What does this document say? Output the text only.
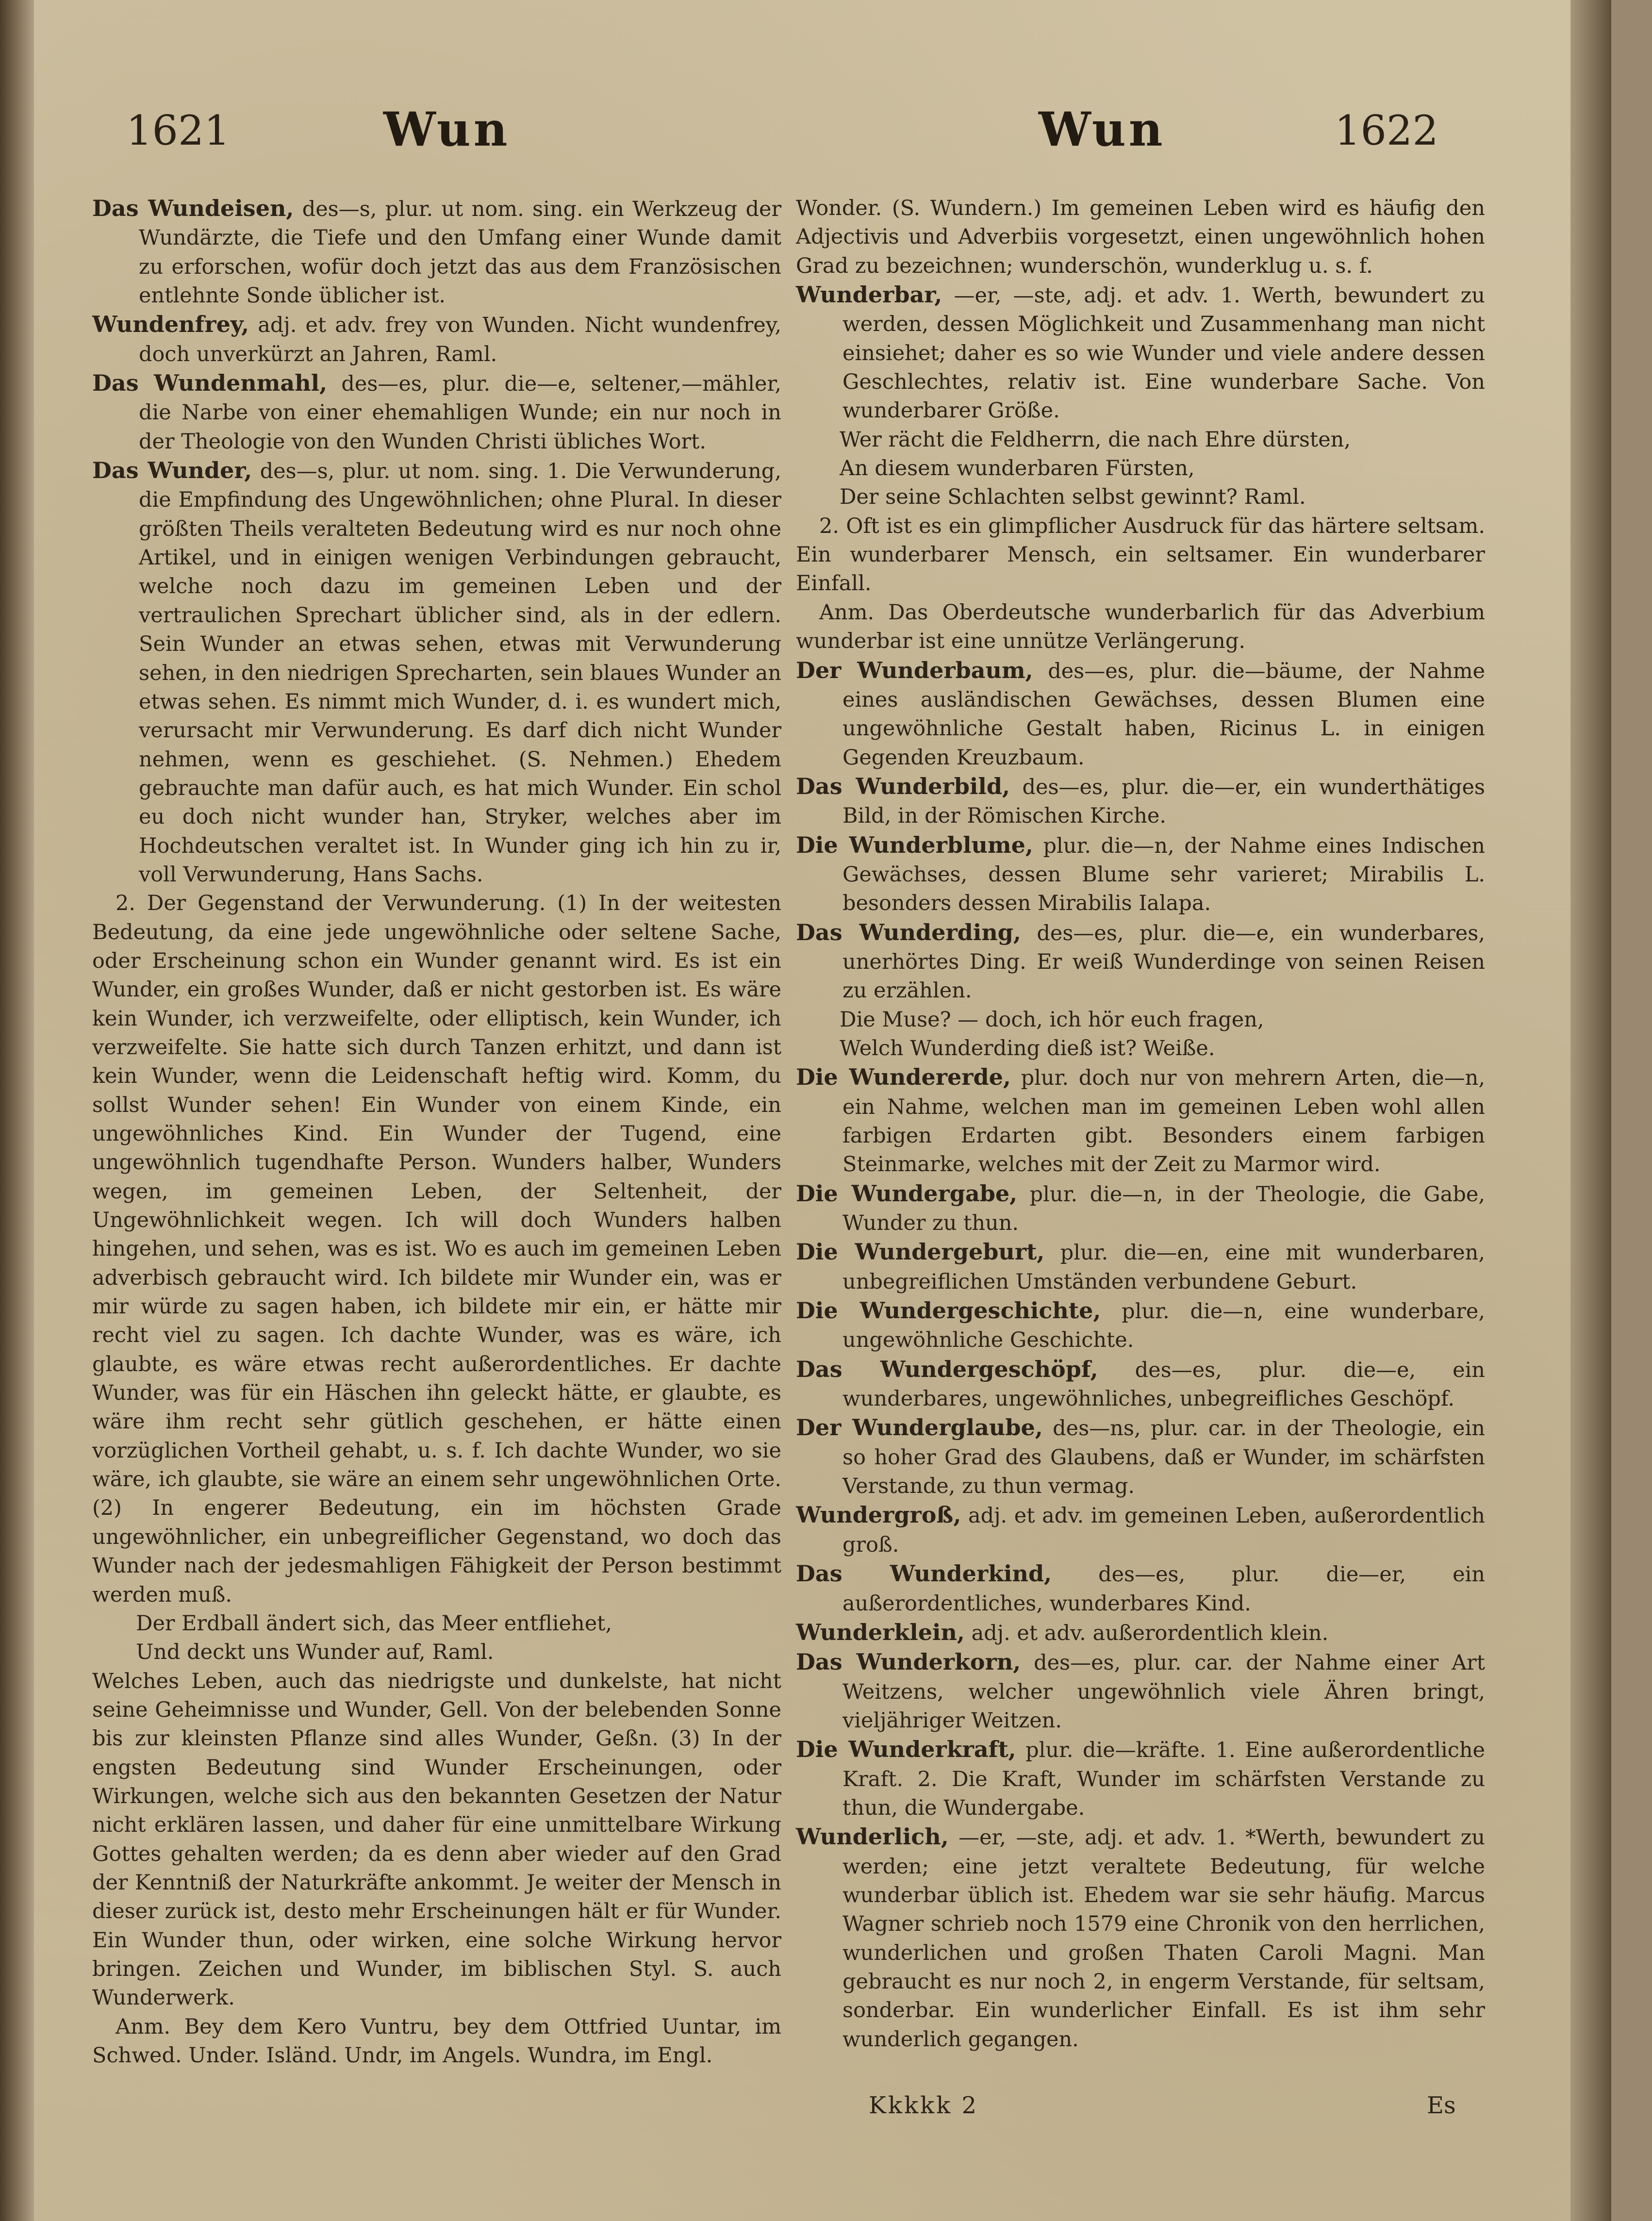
1621	Wun	Wun	1622

Das Wundeisen, des—s, plur. ut nom. sing. ein Werkzeug der Wundärzte, die Tiefe und den Umfang einer Wunde damit zu erforschen, wofür doch jetzt das aus dem Französischen entlehnte Sonde üblicher ist.

Wundenfrey, adj. et adv. frey von Wunden. Nicht wundenfrey, doch unverkürzt an Jahren, Raml.

Das Wundenmahl, des—es, plur. die—e, seltener,—mähler, die Narbe von einer ehemahligen Wunde; ein nur noch in der Theologie von den Wunden Christi übliches Wort.

Das Wunder, des—s, plur. ut nom. sing. 1. Die Verwunderung, die Empfindung des Ungewöhnlichen; ohne Plural. In dieser größten Theils veralteten Bedeutung wird es nur noch ohne Artikel, und in einigen wenigen Verbindungen gebraucht, welche noch dazu im gemeinen Leben und der vertraulichen Sprechart üblicher sind, als in der edlern. Sein Wunder an etwas sehen, etwas mit Verwunderung sehen, in den niedrigen Sprecharten, sein blaues Wunder an etwas sehen. Es nimmt mich Wunder, d. i. es wundert mich, verursacht mir Verwunderung. Es darf dich nicht Wunder nehmen, wenn es geschiehet. (S. Nehmen.) Ehedem gebrauchte man dafür auch, es hat mich Wunder. Ein schol eu doch nicht wunder han, Stryker, welches aber im Hochdeutschen veraltet ist. In Wunder ging ich hin zu ir, voll Verwunderung, Hans Sachs.

2. Der Gegenstand der Verwunderung. (1) In der weitesten Bedeutung, da eine jede ungewöhnliche oder seltene Sache, oder Erscheinung schon ein Wunder genannt wird. Es ist ein Wunder, ein großes Wunder, daß er nicht gestorben ist. Es wäre kein Wunder, ich verzweifelte, oder elliptisch, kein Wunder, ich verzweifelte. Sie hatte sich durch Tanzen erhitzt, und dann ist kein Wunder, wenn die Leidenschaft heftig wird. Komm, du sollst Wunder sehen! Ein Wunder von einem Kinde, ein ungewöhnliches Kind. Ein Wunder der Tugend, eine ungewöhnlich tugendhafte Person. Wunders halber, Wunders wegen, im gemeinen Leben, der Seltenheit, der Ungewöhnlichkeit wegen. Ich will doch Wunders halben hingehen, und sehen, was es ist. Wo es auch im gemeinen Leben adverbisch gebraucht wird. Ich bildete mir Wunder ein, was er mir würde zu sagen haben, ich bildete mir ein, er hätte mir recht viel zu sagen. Ich dachte Wunder, was es wäre, ich glaubte, es wäre etwas recht außerordentliches. Er dachte Wunder, was für ein Häschen ihn geleckt hätte, er glaubte, es wäre ihm recht sehr gütlich geschehen, er hätte einen vorzüglichen Vortheil gehabt, u. s. f. Ich dachte Wunder, wo sie wäre, ich glaubte, sie wäre an einem sehr ungewöhnlichen Orte. (2) In engerer Bedeutung, ein im höchsten Grade ungewöhnlicher, ein unbegreiflicher Gegenstand, wo doch das Wunder nach der jedesmahligen Fähigkeit der Person bestimmt werden muß.

Der Erdball ändert sich, das Meer entfliehet,
Und deckt uns Wunder auf, Raml.

Welches Leben, auch das niedrigste und dunkelste, hat nicht seine Geheimnisse und Wunder, Gell. Von der belebenden Sonne bis zur kleinsten Pflanze sind alles Wunder, Geßn. (3) In der engsten Bedeutung sind Wunder Erscheinungen, oder Wirkungen, welche sich aus den bekannten Gesetzen der Natur nicht erklären lassen, und daher für eine unmittelbare Wirkung Gottes gehalten werden; da es denn aber wieder auf den Grad der Kenntniß der Naturkräfte ankommt. Je weiter der Mensch in dieser zurück ist, desto mehr Erscheinungen hält er für Wunder. Ein Wunder thun, oder wirken, eine solche Wirkung hervor bringen. Zeichen und Wunder, im biblischen Styl. S. auch Wunderwerk.

Anm. Bey dem Kero Vuntru, bey dem Ottfried Uuntar, im Schwed. Under. Isländ. Undr, im Angels. Wundra, im Engl.

Wonder. (S. Wundern.) Im gemeinen Leben wird es häufig den Adjectivis und Adverbiis vorgesetzt, einen ungewöhnlich hohen Grad zu bezeichnen; wunderschön, wunderklug u. s. f.

Wunderbar, —er, —ste, adj. et adv. 1. Werth, bewundert zu werden, dessen Möglichkeit und Zusammenhang man nicht einsiehet; daher es so wie Wunder und viele andere dessen Geschlechtes, relativ ist. Eine wunderbare Sache. Von wunderbarer Größe.

Wer rächt die Feldherrn, die nach Ehre dürsten,
An diesem wunderbaren Fürsten,
Der seine Schlachten selbst gewinnt? Raml.

2. Oft ist es ein glimpflicher Ausdruck für das härtere seltsam. Ein wunderbarer Mensch, ein seltsamer. Ein wunderbarer Einfall.

Anm. Das Oberdeutsche wunderbarlich für das Adverbium wunderbar ist eine unnütze Verlängerung.

Der Wunderbaum, des—es, plur. die—bäume, der Nahme eines ausländischen Gewächses, dessen Blumen eine ungewöhnliche Gestalt haben, Ricinus L. in einigen Gegenden Kreuzbaum.

Das Wunderbild, des—es, plur. die—er, ein wunderthätiges Bild, in der Römischen Kirche.

Die Wunderblume, plur. die—n, der Nahme eines Indischen Gewächses, dessen Blume sehr varieret; Mirabilis L. besonders dessen Mirabilis Ialapa.

Das Wunderding, des—es, plur. die—e, ein wunderbares, unerhörtes Ding. Er weiß Wunderdinge von seinen Reisen zu erzählen.

Die Muse? — doch, ich hör euch fragen,
Welch Wunderding dieß ist? Weiße.

Die Wundererde, plur. doch nur von mehrern Arten, die—n, ein Nahme, welchen man im gemeinen Leben wohl allen farbigen Erdarten gibt. Besonders einem farbigen Steinmarke, welches mit der Zeit zu Marmor wird.

Die Wundergabe, plur. die—n, in der Theologie, die Gabe, Wunder zu thun.

Die Wundergeburt, plur. die—en, eine mit wunderbaren, unbegreiflichen Umständen verbundene Geburt.

Die Wundergeschichte, plur. die—n, eine wunderbare, ungewöhnliche Geschichte.

Das Wundergeschöpf, des—es, plur. die—e, ein wunderbares, ungewöhnliches, unbegreifliches Geschöpf.

Der Wunderglaube, des—ns, plur. car. in der Theologie, ein so hoher Grad des Glaubens, daß er Wunder, im schärfsten Verstande, zu thun vermag.

Wundergroß, adj. et adv. im gemeinen Leben, außerordentlich groß.

Das Wunderkind, des—es, plur. die—er, ein außerordentliches, wunderbares Kind.

Wunderklein, adj. et adv. außerordentlich klein.

Das Wunderkorn, des—es, plur. car. der Nahme einer Art Weitzens, welcher ungewöhnlich viele Ähren bringt, vieljähriger Weitzen.

Die Wunderkraft, plur. die—kräfte. 1. Eine außerordentliche Kraft. 2. Die Kraft, Wunder im schärfsten Verstande zu thun, die Wundergabe.

Wunderlich, —er, —ste, adj. et adv. 1. *Werth, bewundert zu werden; eine jetzt veraltete Bedeutung, für welche wunderbar üblich ist. Ehedem war sie sehr häufig. Marcus Wagner schrieb noch 1579 eine Chronik von den herrlichen, wunderlichen und großen Thaten Caroli Magni. Man gebraucht es nur noch 2, in engerm Verstande, für seltsam, sonderbar. Ein wunderlicher Einfall. Es ist ihm sehr wunderlich gegangen.

Kkkkk 2	Es
